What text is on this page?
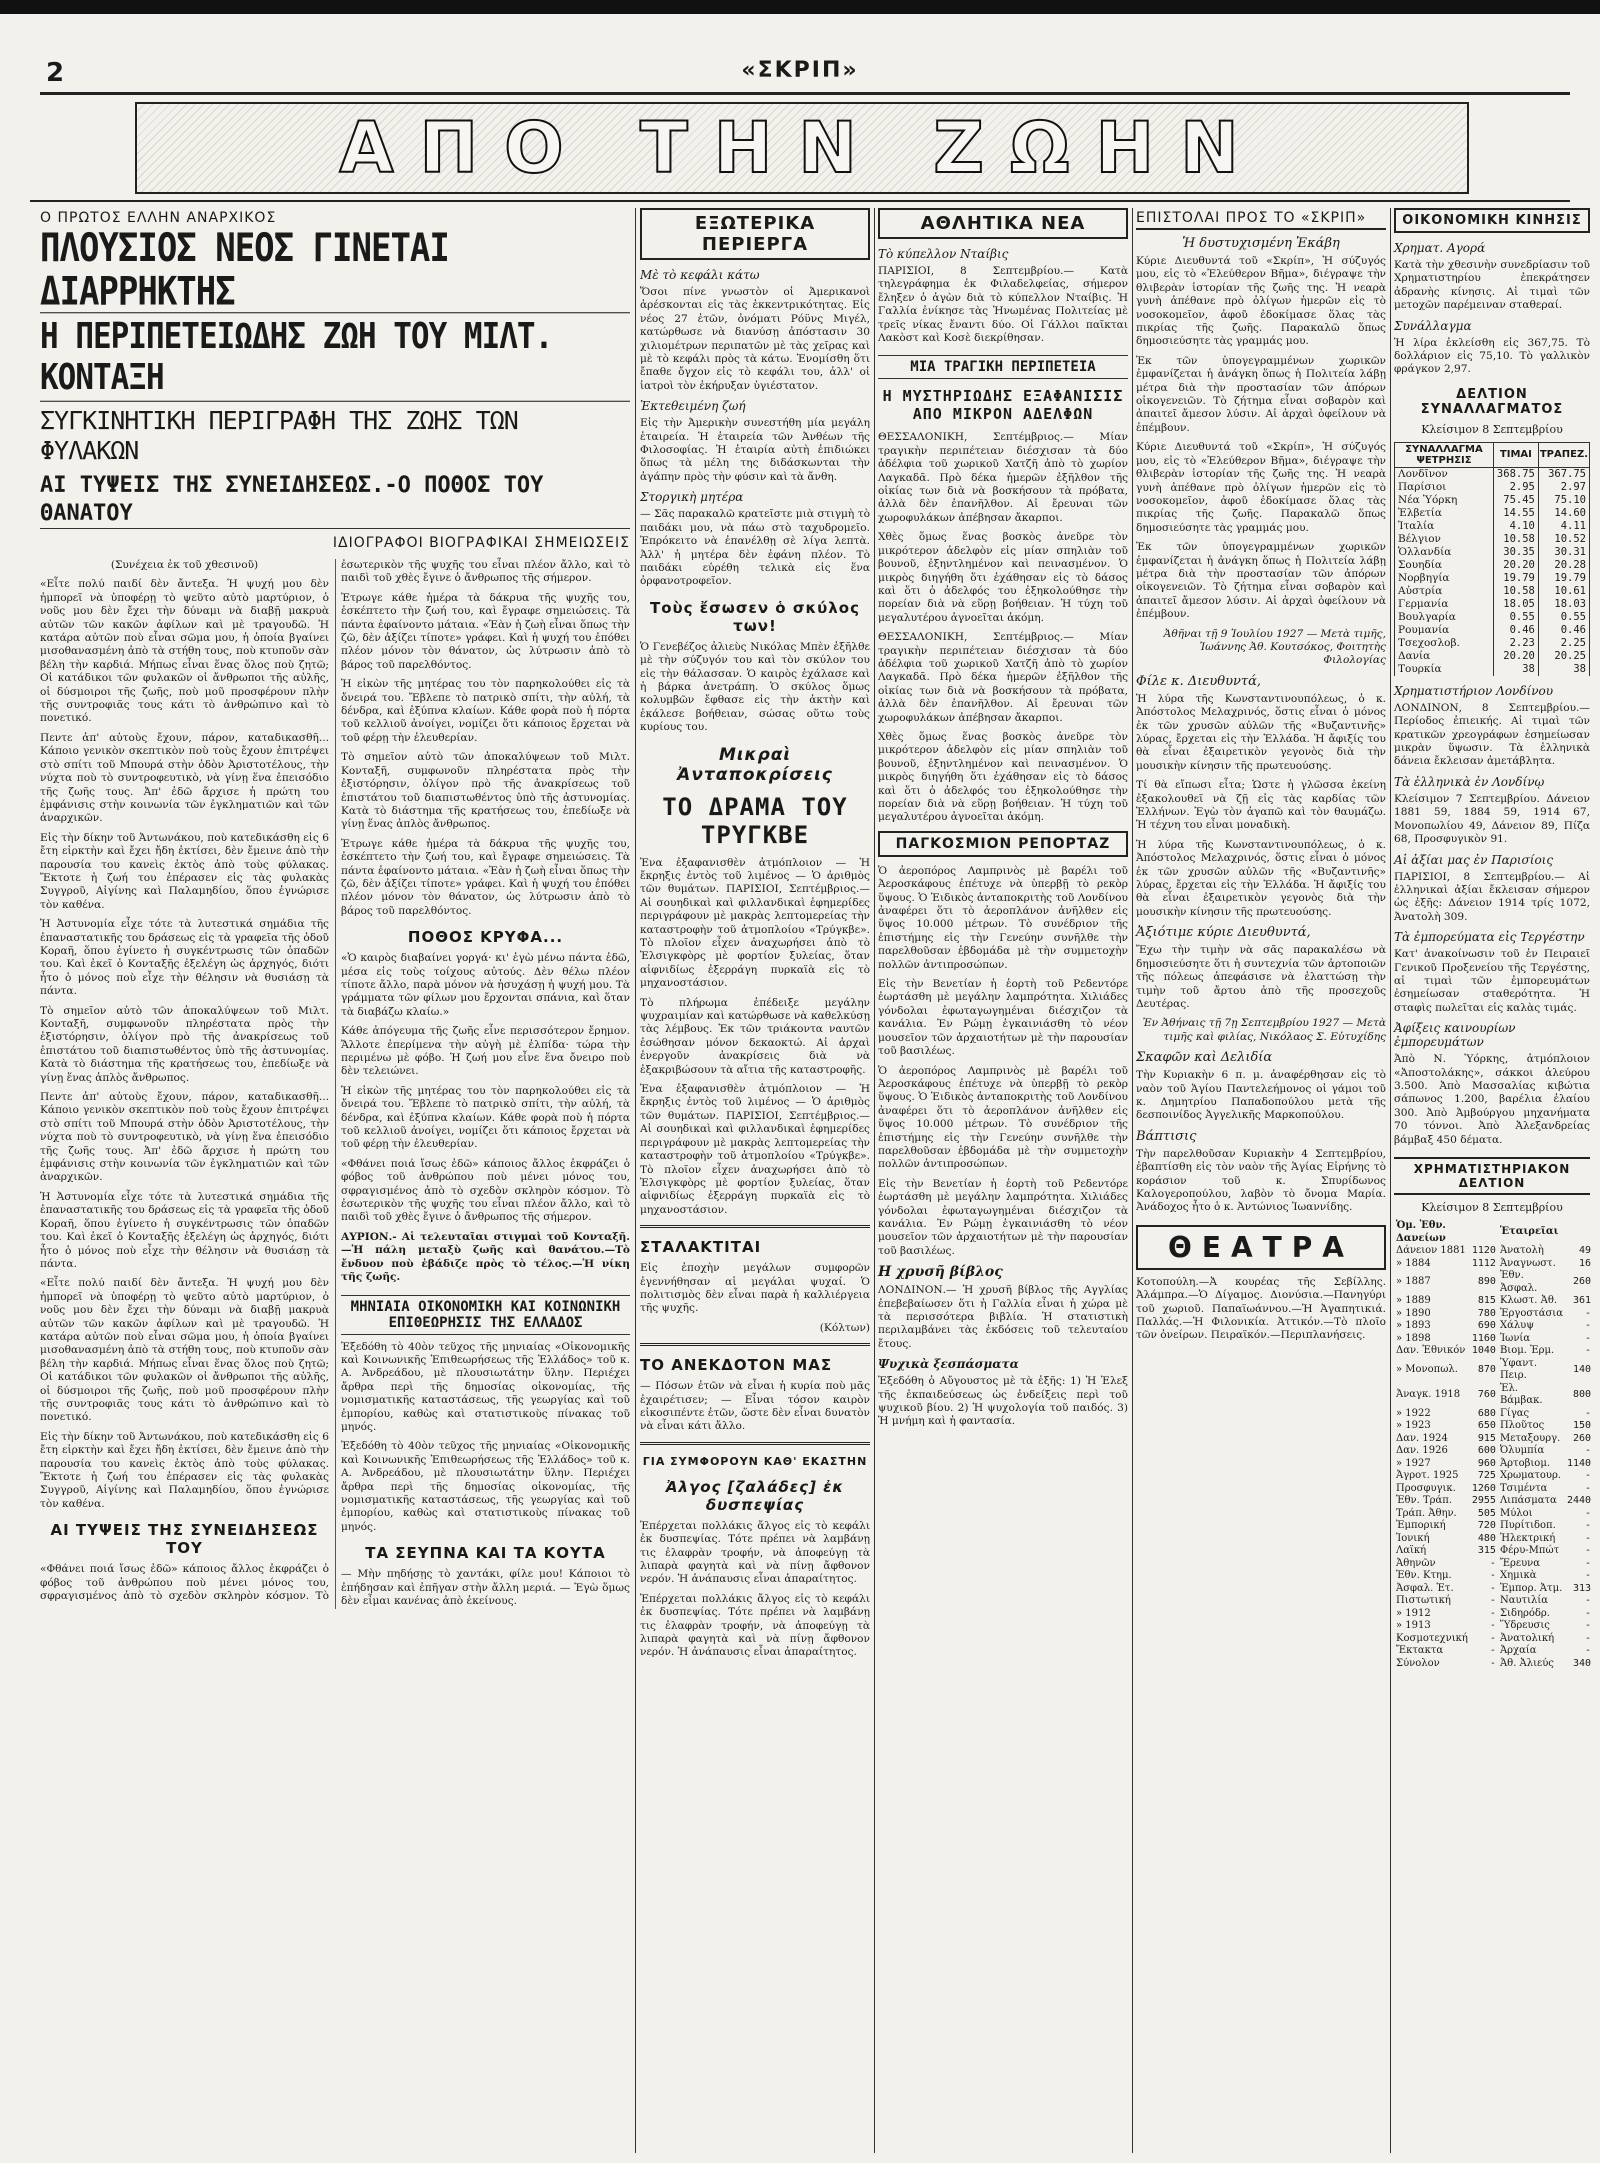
2	«ΣΚΡΙΠ»
ΑΠΟ ΤΗΝ ΖΩΗΝ
Ο ΠΡΩΤΟΣ ΕΛΛΗΝ ΑΝΑΡΧΙΚΟΣ
ΠΛΟΥΣΙΟΣ ΝΕΟΣ ΓΙΝΕΤΑΙ ΔΙΑΡΡΗΚΤΗΣ
Η ΠΕΡΙΠΕΤΕΙΩΔΗΣ ΖΩΗ ΤΟΥ ΜΙΛΤ. ΚΟΝΤΑΞΗ
ΣΥΓΚΙΝΗΤΙΚΗ ΠΕΡΙΓΡΑΦΗ ΤΗΣ ΖΩΗΣ ΤΩΝ ΦΥΛΑΚΩΝ
ΑΙ ΤΥΨΕΙΣ ΤΗΣ ΣΥΝΕΙΔΗΣΕΩΣ.-Ο ΠΟΘΟΣ ΤΟΥ ΘΑΝΑΤΟΥ
ΙΔΙΟΓΡΑΦΟΙ ΒΙΟΓΡΑΦΙΚΑΙ ΣΗΜΕΙΩΣΕΙΣ

(Συνέχεια ἐκ τοῦ χθεσινοῦ)

«Εἶτε πολύ παιδί δὲν ἄντεξα. Ἡ ψυχή μου δὲν ἠμπορεῖ νὰ ὑποφέρῃ τὸ ψεῦτο αὐτὸ μαρτύριον, ὁ νοῦς μου δὲν ἔχει τὴν δύναμι νὰ διαβῇ μακρυὰ αὐτῶν τῶν κακῶν ἀφίλων καὶ μὲ τραγουδῶ. Ἡ κατάρα αὐτῶν ποὺ εἶναι σῶμα μου, ἡ ὁποία βγαίνει μισοθανασμένη ἀπὸ τὰ στήθη τους, ποὺ κτυποῦν σὰν βέλη τὴν καρδιά. Μήπως εἶναι ἕνας ὅλος ποὺ ζητῶ; Οἱ κατάδικοι τῶν φυλακῶν οἱ ἄνθρωποι τῆς αὐλῆς, οἱ δύσμοιροι τῆς ζωῆς, ποὺ μοῦ προσφέρουν πλὴν τῆς συντροφιᾶς τους κάτι τὸ ἀνθρώπινο καὶ τὸ πονετικό.

Πεντε ἀπ' αὐτοὺς ἔχουν, πάρον, καταδικασθῆ... Κάποιο γενικὸν σκεπτικὸν ποὺ τοὺς ἔχουν ἐπιτρέψει στὸ σπίτι τοῦ Μπουρά στὴν ὁδὸν Ἀριστοτέλους, τὴν νύχτα ποὺ τὸ συντροφευτικὸ, νὰ γίνῃ ἕνα ἐπεισόδιο τῆς ζωῆς τους. Ἀπ' ἐδῶ ἄρχισε ἡ πρώτη του ἐμφάνισις στὴν κοινωνία τῶν ἐγκληματιῶν καὶ τῶν ἀναρχικῶν.

Εἰς τὴν δίκην τοῦ Ἀντωνάκου, ποὺ κατεδικάσθη εἰς 6 ἔτη εἱρκτὴν καὶ ἔχει ἤδη ἐκτίσει, δὲν ἔμεινε ἀπὸ τὴν παρουσία του κανεὶς ἐκτὸς ἀπὸ τοὺς φύλακας. Ἔκτοτε ἡ ζωή του ἐπέρασεν εἰς τὰς φυλακὰς Συγγροῦ, Αἰγίνης καὶ Παλαμηδίου, ὅπου ἐγνώρισε τὸν καθένα.

Ἡ Ἀστυνομία εἶχε τότε τὰ λυτεστικά σημάδια τῆς ἐπαναστατικῆς του δράσεως εἰς τὰ γραφεῖα τῆς ὁδοῦ Κοραῆ, ὅπου ἐγίνετο ἡ συγκέντρωσις τῶν ὀπαδῶν του. Καὶ ἐκεῖ ὁ Κονταξῆς ἐξελέγη ὡς ἀρχηγός, διότι ἦτο ὁ μόνος ποὺ εἶχε τὴν θέλησιν νὰ θυσιάσῃ τὰ πάντα.

Τὸ σημεῖον αὐτὸ τῶν ἀποκαλύψεων τοῦ Μιλτ. Κονταξῆ, συμφωνοῦν πληρέστατα πρὸς τὴν ἐξιστόρησιν, ὀλίγον πρὸ τῆς ἀνακρίσεως τοῦ ἐπιστάτου τοῦ διαπιστωθέντος ὑπὸ τῆς ἀστυνομίας. Κατὰ τὸ διάστημα τῆς κρατήσεως του, ἐπεδίωξε νὰ γίνῃ ἕνας ἁπλὸς ἄνθρωπος.

Πεντε ἀπ' αὐτοὺς ἔχουν, πάρον, καταδικασθῆ... Κάποιο γενικὸν σκεπτικὸν ποὺ τοὺς ἔχουν ἐπιτρέψει στὸ σπίτι τοῦ Μπουρά στὴν ὁδὸν Ἀριστοτέλους, τὴν νύχτα ποὺ τὸ συντροφευτικὸ, νὰ γίνῃ ἕνα ἐπεισόδιο τῆς ζωῆς τους. Ἀπ' ἐδῶ ἄρχισε ἡ πρώτη του ἐμφάνισις στὴν κοινωνία τῶν ἐγκληματιῶν καὶ τῶν ἀναρχικῶν.

Ἡ Ἀστυνομία εἶχε τότε τὰ λυτεστικά σημάδια τῆς ἐπαναστατικῆς του δράσεως εἰς τὰ γραφεῖα τῆς ὁδοῦ Κοραῆ, ὅπου ἐγίνετο ἡ συγκέντρωσις τῶν ὀπαδῶν του. Καὶ ἐκεῖ ὁ Κονταξῆς ἐξελέγη ὡς ἀρχηγός, διότι ἦτο ὁ μόνος ποὺ εἶχε τὴν θέλησιν νὰ θυσιάσῃ τὰ πάντα.

«Εἶτε πολύ παιδί δὲν ἄντεξα. Ἡ ψυχή μου δὲν ἠμπορεῖ νὰ ὑποφέρῃ τὸ ψεῦτο αὐτὸ μαρτύριον, ὁ νοῦς μου δὲν ἔχει τὴν δύναμι νὰ διαβῇ μακρυὰ αὐτῶν τῶν κακῶν ἀφίλων καὶ μὲ τραγουδῶ. Ἡ κατάρα αὐτῶν ποὺ εἶναι σῶμα μου, ἡ ὁποία βγαίνει μισοθανασμένη ἀπὸ τὰ στήθη τους, ποὺ κτυποῦν σὰν βέλη τὴν καρδιά. Μήπως εἶναι ἕνας ὅλος ποὺ ζητῶ; Οἱ κατάδικοι τῶν φυλακῶν οἱ ἄνθρωποι τῆς αὐλῆς, οἱ δύσμοιροι τῆς ζωῆς, ποὺ μοῦ προσφέρουν πλὴν τῆς συντροφιᾶς τους κάτι τὸ ἀνθρώπινο καὶ τὸ πονετικό.

Εἰς τὴν δίκην τοῦ Ἀντωνάκου, ποὺ κατεδικάσθη εἰς 6 ἔτη εἱρκτὴν καὶ ἔχει ἤδη ἐκτίσει, δὲν ἔμεινε ἀπὸ τὴν παρουσία του κανεὶς ἐκτὸς ἀπὸ τοὺς φύλακας. Ἔκτοτε ἡ ζωή του ἐπέρασεν εἰς τὰς φυλακὰς Συγγροῦ, Αἰγίνης καὶ Παλαμηδίου, ὅπου ἐγνώρισε τὸν καθένα.

ΑΙ ΤΥΨΕΙΣ ΤΗΣ ΣΥΝΕΙΔΗΣΕΩΣ ΤΟΥ

«Φθάνει ποιά ἴσως ἐδῶ» κάποιος ἄλλος ἐκφράζει ὁ φόβος τοῦ ἀνθρώπου ποὺ μένει μόνος του, σφραγισμένος ἀπὸ τὸ σχεδὸν σκληρὸν κόσμον. Τὸ ἐσωτερικὸν τῆς ψυχῆς του εἶναι πλέον ἄλλο, καὶ τὸ παιδὶ τοῦ χθὲς ἔγινε ὁ ἄνθρωπος τῆς σήμερον.

Ἐτρωγε κάθε ἡμέρα τὰ δάκρυα τῆς ψυχῆς του, ἐσκέπτετο τὴν ζωή του, καὶ ἔγραφε σημειώσεις. Τὰ πάντα ἐφαίνοντο μάταια. «Ἐὰν ἡ ζωὴ εἶναι ὅπως τὴν ζῶ, δὲν ἀξίζει τίποτε» γράφει. Καὶ ἡ ψυχή του ἐπόθει πλέον μόνον τὸν θάνατον, ὡς λύτρωσιν ἀπὸ τὸ βάρος τοῦ παρελθόντος.

Ἡ εἰκὼν τῆς μητέρας του τὸν παρηκολούθει εἰς τὰ ὄνειρά του. Ἔβλεπε τὸ πατρικὸ σπίτι, τὴν αὐλή, τὰ δένδρα, καὶ ἐξύπνα κλαίων. Κάθε φορὰ ποὺ ἡ πόρτα τοῦ κελλιοῦ ἀνοίγει, νομίζει ὅτι κάποιος ἔρχεται νὰ τοῦ φέρῃ τὴν ἐλευθερίαν.

Τὸ σημεῖον αὐτὸ τῶν ἀποκαλύψεων τοῦ Μιλτ. Κονταξῆ, συμφωνοῦν πληρέστατα πρὸς τὴν ἐξιστόρησιν, ὀλίγον πρὸ τῆς ἀνακρίσεως τοῦ ἐπιστάτου τοῦ διαπιστωθέντος ὑπὸ τῆς ἀστυνομίας. Κατὰ τὸ διάστημα τῆς κρατήσεως του, ἐπεδίωξε νὰ γίνῃ ἕνας ἁπλὸς ἄνθρωπος.

Ἐτρωγε κάθε ἡμέρα τὰ δάκρυα τῆς ψυχῆς του, ἐσκέπτετο τὴν ζωή του, καὶ ἔγραφε σημειώσεις. Τὰ πάντα ἐφαίνοντο μάταια. «Ἐὰν ἡ ζωὴ εἶναι ὅπως τὴν ζῶ, δὲν ἀξίζει τίποτε» γράφει. Καὶ ἡ ψυχή του ἐπόθει πλέον μόνον τὸν θάνατον, ὡς λύτρωσιν ἀπὸ τὸ βάρος τοῦ παρελθόντος.

ΠΟΘΟΣ ΚΡΥΦΑ...

«Ὁ καιρὸς διαβαίνει γοργά· κι' ἐγὼ μένω πάντα ἐδῶ, μέσα εἰς τοὺς τοίχους αὐτούς. Δὲν θέλω πλέον τίποτε ἄλλο, παρὰ μόνον νὰ ἡσυχάσῃ ἡ ψυχή μου. Τὰ γράμματα τῶν φίλων μου ἔρχονται σπάνια, καὶ ὅταν τὰ διαβάζω κλαίω.»

Κάθε ἀπόγευμα τῆς ζωῆς εἶνε περισσότερον ἔρημον. Ἄλλοτε ἐπερίμενα τὴν αὐγὴ μὲ ἐλπίδα· τώρα τὴν περιμένω μὲ φόβο. Ἡ ζωή μου εἶνε ἕνα ὄνειρο ποὺ δὲν τελειώνει.

Ἡ εἰκὼν τῆς μητέρας του τὸν παρηκολούθει εἰς τὰ ὄνειρά του. Ἔβλεπε τὸ πατρικὸ σπίτι, τὴν αὐλή, τὰ δένδρα, καὶ ἐξύπνα κλαίων. Κάθε φορὰ ποὺ ἡ πόρτα τοῦ κελλιοῦ ἀνοίγει, νομίζει ὅτι κάποιος ἔρχεται νὰ τοῦ φέρῃ τὴν ἐλευθερίαν.

«Φθάνει ποιά ἴσως ἐδῶ» κάποιος ἄλλος ἐκφράζει ὁ φόβος τοῦ ἀνθρώπου ποὺ μένει μόνος του, σφραγισμένος ἀπὸ τὸ σχεδὸν σκληρὸν κόσμον. Τὸ ἐσωτερικὸν τῆς ψυχῆς του εἶναι πλέον ἄλλο, καὶ τὸ παιδὶ τοῦ χθὲς ἔγινε ὁ ἄνθρωπος τῆς σήμερον.

ΑΥΡΙΟΝ.- Αἱ τελευταῖαι στιγμαὶ τοῦ Κονταξῆ.—Ἡ πάλη μεταξὺ ζωῆς καὶ θανάτου.—Τὸ ἔνδυον ποὺ ἐβάδιζε πρὸς τὸ τέλος.—Ἡ νίκη τῆς ζωῆς.

ΜΗΝΙΑΙΑ ΟΙΚΟΝΟΜΙΚΗ ΚΑΙ ΚΟΙΝΩΝΙΚΗ ΕΠΙΘΕΩΡΗΣΙΣ ΤΗΣ ΕΛΛΑΔΟΣ

Ἐξεδόθη τὸ 40ὸν τεῦχος τῆς μηνιαίας «Οἰκονομικῆς καὶ Κοινωνικῆς Ἐπιθεωρήσεως τῆς Ἑλλάδος» τοῦ κ. Α. Ἀνδρεάδου, μὲ πλουσιωτάτην ὕλην. Περιέχει ἄρθρα περὶ τῆς δημοσίας οἰκονομίας, τῆς νομισματικῆς καταστάσεως, τῆς γεωργίας καὶ τοῦ ἐμπορίου, καθὼς καὶ στατιστικοὺς πίνακας τοῦ μηνός.

Ἐξεδόθη τὸ 40ὸν τεῦχος τῆς μηνιαίας «Οἰκονομικῆς καὶ Κοινωνικῆς Ἐπιθεωρήσεως τῆς Ἑλλάδος» τοῦ κ. Α. Ἀνδρεάδου, μὲ πλουσιωτάτην ὕλην. Περιέχει ἄρθρα περὶ τῆς δημοσίας οἰκονομίας, τῆς νομισματικῆς καταστάσεως, τῆς γεωργίας καὶ τοῦ ἐμπορίου, καθὼς καὶ στατιστικοὺς πίνακας τοῦ μηνός.

ΤΑ ΣΕΥΠΝΑ ΚΑΙ ΤΑ ΚΟΥΤΑ

— Μὴν πηδήσῃς τὸ χαντάκι, φίλε μου! Κάποιοι τὸ ἐπήδησαν καὶ ἐπῆγαν στὴν ἄλλη μεριά. — Ἐγὼ ὅμως δὲν εἶμαι κανένας ἀπὸ ἐκείνους.

ΕΞΩΤΕΡΙΚΑ ΠΕΡΙΕΡΓΑ
Μὲ τὸ κεφάλι κάτω

Ὅσοι πίνε γνωστὸν οἱ Ἀμερικανοὶ ἀρέσκονται εἰς τὰς ἐκκεντρικότητας. Εἰς νέος 27 ἐτῶν, ὀνόματι Ρόϋνς Μιγέλ, κατώρθωσε νὰ διανύσῃ ἀπόστασιν 30 χιλιομέτρων περιπατῶν μὲ τὰς χεῖρας καὶ μὲ τὸ κεφάλι πρὸς τὰ κάτω. Ἐνομίσθη ὅτι ἔπαθε ὄγχον εἰς τὸ κεφάλι του, ἀλλ' οἱ ἰατροὶ τὸν ἐκήρυξαν ὑγιέστατον.

Ἐκτεθειμένη ζωή

Εἰς τὴν Ἀμερικὴν συνεστήθη μία μεγάλη ἑταιρεία. Ἡ ἑταιρεία τῶν Ἀνθέων τῆς Φιλοσοφίας. Ἡ ἑταιρία αὐτὴ ἐπιδιώκει ὅπως τὰ μέλη της διδάσκωνται τὴν ἀγάπην πρὸς τὴν φύσιν καὶ τὰ ἄνθη.

Στοργικὴ μητέρα

— Σᾶς παρακαλῶ κρατεῖστε μιὰ στιγμὴ τὸ παιδάκι μου, νὰ πάω στὸ ταχυδρομεῖο. Ἐπρόκειτο νὰ ἐπανέλθῃ σὲ λίγα λεπτὰ. Ἀλλ' ἡ μητέρα δὲν ἐφάνη πλέον. Τὸ παιδάκι εὑρέθη τελικὰ εἰς ἕνα ὀρφανοτροφεῖον.

Τοὺς ἔσωσεν ὁ σκύλος των!

Ὁ Γενεβέζος ἀλιεὺς Νικόλας Μπὲν ἐξῆλθε μὲ τὴν σύζυγόν του καὶ τὸν σκύλον του εἰς τὴν θάλασσαν. Ὁ καιρὸς ἐχάλασε καὶ ἡ βάρκα ἀνετράπη. Ὁ σκύλος ὅμως κολυμβῶν ἔφθασε εἰς τὴν ἀκτὴν καὶ ἐκάλεσε βοήθειαν, σώσας οὕτω τοὺς κυρίους του.

Μικραὶ Ἀνταποκρίσεις
ΤΟ ΔΡΑΜΑ ΤΟΥ ΤΡΥΓΚΒΕ

Ἐνα ἐξαφανισθὲν ἀτμόπλοιον — Ἡ ἔκρηξις ἐντὸς τοῦ λιμένος — Ὁ ἀριθμὸς τῶν θυμάτων. ΠΑΡΙΣΙΟΙ, Σεπτέμβριος.— Αἱ σουηδικαὶ καὶ φιλλανδικαὶ ἐφημερίδες περιγράφουν μὲ μακρὰς λεπτομερείας τὴν καταστροφὴν τοῦ ἀτμοπλοίου «Τρύγκβε». Τὸ πλοῖον εἶχεν ἀναχωρήσει ἀπὸ τὸ Ἑλσιγκφὸρς μὲ φορτίον ξυλείας, ὅταν αἰφνιδίως ἐξερράγη πυρκαϊὰ εἰς τὸ μηχανοστάσιον.

Τὸ πλήρωμα ἐπέδειξε μεγάλην ψυχραιμίαν καὶ κατώρθωσε νὰ καθελκύσῃ τὰς λέμβους. Ἐκ τῶν τριάκοντα ναυτῶν ἐσώθησαν μόνον δεκαοκτώ. Αἱ ἀρχαὶ ἐνεργοῦν ἀνακρίσεις διὰ νὰ ἐξακριβώσουν τὰ αἴτια τῆς καταστροφῆς.

Ἐνα ἐξαφανισθὲν ἀτμόπλοιον — Ἡ ἔκρηξις ἐντὸς τοῦ λιμένος — Ὁ ἀριθμὸς τῶν θυμάτων. ΠΑΡΙΣΙΟΙ, Σεπτέμβριος.— Αἱ σουηδικαὶ καὶ φιλλανδικαὶ ἐφημερίδες περιγράφουν μὲ μακρὰς λεπτομερείας τὴν καταστροφὴν τοῦ ἀτμοπλοίου «Τρύγκβε». Τὸ πλοῖον εἶχεν ἀναχωρήσει ἀπὸ τὸ Ἑλσιγκφὸρς μὲ φορτίον ξυλείας, ὅταν αἰφνιδίως ἐξερράγη πυρκαϊὰ εἰς τὸ μηχανοστάσιον.

ΣΤΑΛΑΚΤΙΤΑΙ

Εἰς ἐποχὴν μεγάλων συμφορῶν ἐγεννήθησαν αἱ μεγάλαι ψυχαί. Ὁ πολιτισμὸς δὲν εἶναι παρὰ ἡ καλλιέργεια τῆς ψυχῆς.

(Κόλτων)

ΤΟ ΑΝΕΚΔΟΤΟΝ ΜΑΣ

— Πόσων ἐτῶν νὰ εἶναι ἡ κυρία ποὺ μᾶς ἐχαιρέτισεν; — Εἶναι τόσον καιρὸν εἰκοσιπέντε ἐτῶν, ὥστε δὲν εἶναι δυνατὸν νὰ εἶναι κάτι ἄλλο.

ΓΙΑ ΣΥΜΦΟΡΟΥΝ ΚΑΘ' ΕΚΑΣΤΗΝ
Ἀλγος [ζαλάδες] ἐκ δυσπεψίας

Ἐπέρχεται πολλάκις ἄλγος εἰς τὸ κεφάλι ἐκ δυσπεψίας. Τότε πρέπει νὰ λαμβάνῃ τις ἐλαφρὰν τροφήν, νὰ ἀποφεύγῃ τὰ λιπαρὰ φαγητὰ καὶ νὰ πίνῃ ἄφθονον νερόν. Ἡ ἀνάπαυσις εἶναι ἀπαραίτητος.

Ἐπέρχεται πολλάκις ἄλγος εἰς τὸ κεφάλι ἐκ δυσπεψίας. Τότε πρέπει νὰ λαμβάνῃ τις ἐλαφρὰν τροφήν, νὰ ἀποφεύγῃ τὰ λιπαρὰ φαγητὰ καὶ νὰ πίνῃ ἄφθονον νερόν. Ἡ ἀνάπαυσις εἶναι ἀπαραίτητος.

ΑΘΛΗΤΙΚΑ ΝΕΑ
Τὸ κύπελλον Νταίβις

ΠΑΡΙΣΙΟΙ, 8 Σεπτεμβρίου.— Κατὰ τηλεγράφημα ἐκ Φιλαδελφείας, σήμερον ἔληξεν ὁ ἀγὼν διὰ τὸ κύπελλον Νταίβις. Ἡ Γαλλία ἐνίκησε τὰς Ἡνωμένας Πολιτείας μὲ τρεῖς νίκας ἔναντι δύο. Οἱ Γάλλοι παῖκται Λακὸστ καὶ Κοσὲ διεκρίθησαν.

ΜΙΑ ΤΡΑΓΙΚΗ ΠΕΡΙΠΕΤΕΙΑ
Η ΜΥΣΤΗΡΙΩΔΗΣ ΕΞΑΦΑΝΙΣΙΣ ΑΠΟ ΜΙΚΡΟΝ ΑΔΕΛΦΩΝ

ΘΕΣΣΑΛΟΝΙΚΗ, Σεπτέμβριος.— Μίαν τραγικὴν περιπέτειαν διέσχισαν τὰ δύο ἀδέλφια τοῦ χωρικοῦ Χατζῆ ἀπὸ τὸ χωρίον Λαγκαδᾶ. Πρὸ δέκα ἡμερῶν ἐξῆλθον τῆς οἰκίας των διὰ νὰ βοσκήσουν τὰ πρόβατα, ἀλλὰ δὲν ἐπανῆλθον. Αἱ ἔρευναι τῶν χωροφυλάκων ἀπέβησαν ἄκαρποι.

Χθὲς ὅμως ἕνας βοσκὸς ἀνεῦρε τὸν μικρότερον ἀδελφὸν εἰς μίαν σπηλιὰν τοῦ βουνοῦ, ἐξηντλημένον καὶ πεινασμένον. Ὁ μικρὸς διηγήθη ὅτι ἐχάθησαν εἰς τὸ δάσος καὶ ὅτι ὁ ἀδελφός του ἐξηκολούθησε τὴν πορείαν διὰ νὰ εὕρῃ βοήθειαν. Ἡ τύχη τοῦ μεγαλυτέρου ἀγνοεῖται ἀκόμη.

ΘΕΣΣΑΛΟΝΙΚΗ, Σεπτέμβριος.— Μίαν τραγικὴν περιπέτειαν διέσχισαν τὰ δύο ἀδέλφια τοῦ χωρικοῦ Χατζῆ ἀπὸ τὸ χωρίον Λαγκαδᾶ. Πρὸ δέκα ἡμερῶν ἐξῆλθον τῆς οἰκίας των διὰ νὰ βοσκήσουν τὰ πρόβατα, ἀλλὰ δὲν ἐπανῆλθον. Αἱ ἔρευναι τῶν χωροφυλάκων ἀπέβησαν ἄκαρποι.

Χθὲς ὅμως ἕνας βοσκὸς ἀνεῦρε τὸν μικρότερον ἀδελφὸν εἰς μίαν σπηλιὰν τοῦ βουνοῦ, ἐξηντλημένον καὶ πεινασμένον. Ὁ μικρὸς διηγήθη ὅτι ἐχάθησαν εἰς τὸ δάσος καὶ ὅτι ὁ ἀδελφός του ἐξηκολούθησε τὴν πορείαν διὰ νὰ εὕρῃ βοήθειαν. Ἡ τύχη τοῦ μεγαλυτέρου ἀγνοεῖται ἀκόμη.

ΠΑΓΚΟΣΜΙΟΝ ΡΕΠΟΡΤΑΖ

Ὁ ἀεροπόρος Λαμπρινὸς μὲ βαρέλι τοῦ Ἀεροσκάφους ἐπέτυχε νὰ ὑπερβῇ τὸ ρεκὸρ ὕψους. Ὁ Ἐιδικὸς ἀνταποκριτὴς τοῦ Λονδίνου ἀναφέρει ὅτι τὸ ἀεροπλάνον ἀνῆλθεν εἰς ὕψος 10.000 μέτρων. Τὸ συνέδριον τῆς ἐπιστήμης εἰς τὴν Γενεύην συνῆλθε τὴν παρελθοῦσαν ἑβδομάδα μὲ τὴν συμμετοχὴν πολλῶν ἀντιπροσώπων.

Εἰς τὴν Βενετίαν ἡ ἑορτὴ τοῦ Ρεδεντόρε ἐωρτάσθη μὲ μεγάλην λαμπρότητα. Χιλιάδες γόνδολαι ἐφωταγωγημέναι διέσχιζον τὰ κανάλια. Ἐν Ρώμῃ ἐγκαινιάσθη τὸ νέον μουσεῖον τῶν ἀρχαιοτήτων μὲ τὴν παρουσίαν τοῦ βασιλέως.

Ὁ ἀεροπόρος Λαμπρινὸς μὲ βαρέλι τοῦ Ἀεροσκάφους ἐπέτυχε νὰ ὑπερβῇ τὸ ρεκὸρ ὕψους. Ὁ Ἐιδικὸς ἀνταποκριτὴς τοῦ Λονδίνου ἀναφέρει ὅτι τὸ ἀεροπλάνον ἀνῆλθεν εἰς ὕψος 10.000 μέτρων. Τὸ συνέδριον τῆς ἐπιστήμης εἰς τὴν Γενεύην συνῆλθε τὴν παρελθοῦσαν ἑβδομάδα μὲ τὴν συμμετοχὴν πολλῶν ἀντιπροσώπων.

Εἰς τὴν Βενετίαν ἡ ἑορτὴ τοῦ Ρεδεντόρε ἐωρτάσθη μὲ μεγάλην λαμπρότητα. Χιλιάδες γόνδολαι ἐφωταγωγημέναι διέσχιζον τὰ κανάλια. Ἐν Ρώμῃ ἐγκαινιάσθη τὸ νέον μουσεῖον τῶν ἀρχαιοτήτων μὲ τὴν παρουσίαν τοῦ βασιλέως.

Η χρυσῆ βίβλος

ΛΟΝΔΙΝΟΝ.— Ἡ χρυσῆ βίβλος τῆς Αγγλίας ἐπεβεβαίωσεν ὅτι ἡ Γαλλία εἶναι ἡ χώρα μὲ τὰ περισσότερα βιβλία. Ἡ στατιστικὴ περιλαμβάνει τὰς ἐκδόσεις τοῦ τελευταίου ἔτους.

Ψυχικὰ ξεσπάσματα

Ἐξεδόθη ὁ Αὔγουστος μὲ τὰ ἑξῆς: 1) Ἡ Ἐλεξ τῆς ἐκπαιδεύσεως ὡς ἐνδείξεις περὶ τοῦ ψυχικοῦ βίου. 2) Ἡ ψυχολογία τοῦ παιδός. 3) Ἡ μνήμη καὶ ἡ φαντασία.

ΕΠΙΣΤΟΛΑΙ ΠΡΟΣ ΤΟ «ΣΚΡΙΠ»
Ἡ δυστυχισμένη Ἐκάβη

Κύριε Διευθυντά τοῦ «Σκρίπ», Ἡ σύζυγός μου, εἰς τὸ «Ἐλεύθερον Βῆμα», διέγραψε τὴν θλιβερὰν ἱστορίαν τῆς ζωῆς της. Ἡ νεαρὰ γυνὴ ἀπέθανε πρὸ ὀλίγων ἡμερῶν εἰς τὸ νοσοκομεῖον, ἀφοῦ ἐδοκίμασε ὅλας τὰς πικρίας τῆς ζωῆς. Παρακαλῶ ὅπως δημοσιεύσητε τὰς γραμμάς μου.

Ἐκ τῶν ὑπογεγραμμένων χωρικῶν ἐμφανίζεται ἡ ἀνάγκη ὅπως ἡ Πολιτεία λάβῃ μέτρα διὰ τὴν προστασίαν τῶν ἀπόρων οἰκογενειῶν. Τὸ ζήτημα εἶναι σοβαρὸν καὶ ἀπαιτεῖ ἄμεσον λύσιν. Αἱ ἀρχαὶ ὀφείλουν νὰ ἐπέμβουν.

Κύριε Διευθυντά τοῦ «Σκρίπ», Ἡ σύζυγός μου, εἰς τὸ «Ἐλεύθερον Βῆμα», διέγραψε τὴν θλιβερὰν ἱστορίαν τῆς ζωῆς της. Ἡ νεαρὰ γυνὴ ἀπέθανε πρὸ ὀλίγων ἡμερῶν εἰς τὸ νοσοκομεῖον, ἀφοῦ ἐδοκίμασε ὅλας τὰς πικρίας τῆς ζωῆς. Παρακαλῶ ὅπως δημοσιεύσητε τὰς γραμμάς μου.

Ἐκ τῶν ὑπογεγραμμένων χωρικῶν ἐμφανίζεται ἡ ἀνάγκη ὅπως ἡ Πολιτεία λάβῃ μέτρα διὰ τὴν προστασίαν τῶν ἀπόρων οἰκογενειῶν. Τὸ ζήτημα εἶναι σοβαρὸν καὶ ἀπαιτεῖ ἄμεσον λύσιν. Αἱ ἀρχαὶ ὀφείλουν νὰ ἐπέμβουν.

Ἀθῆναι τῇ 9 Ἰουλίου 1927 — Μετὰ τιμῆς, Ἰωάννης Ἀθ. Κουτσόκος, Φοιτητὴς Φιλολογίας

Φίλε κ. Διευθυντά,

Ἡ λύρα τῆς Κωνσταντινουπόλεως, ὁ κ. Ἀπόστολος Μελαχρινός, ὅστις εἶναι ὁ μόνος ἐκ τῶν χρυσῶν αὐλῶν τῆς «Βυζαντινῆς» λύρας, ἔρχεται εἰς τὴν Ἑλλάδα. Ἡ ἄφιξίς του θὰ εἶναι ἐξαιρετικὸν γεγονὸς διὰ τὴν μουσικὴν κίνησιν τῆς πρωτευούσης.

Τί θὰ εἴπωσι εἶτα; Ὡστε ἡ γλῶσσα ἐκείνη ἐξακολουθεῖ νὰ ζῇ εἰς τὰς καρδίας τῶν Ἑλλήνων. Ἐγὼ τὸν ἀγαπῶ καὶ τὸν θαυμάζω. Ἡ τέχνη του εἶναι μοναδικὴ.

Ἡ λύρα τῆς Κωνσταντινουπόλεως, ὁ κ. Ἀπόστολος Μελαχρινός, ὅστις εἶναι ὁ μόνος ἐκ τῶν χρυσῶν αὐλῶν τῆς «Βυζαντινῆς» λύρας, ἔρχεται εἰς τὴν Ἑλλάδα. Ἡ ἄφιξίς του θὰ εἶναι ἐξαιρετικὸν γεγονὸς διὰ τὴν μουσικὴν κίνησιν τῆς πρωτευούσης.

Ἀξιότιμε κύριε Διευθυντά,

Ἔχω τὴν τιμὴν νὰ σᾶς παρακαλέσω νὰ δημοσιεύσητε ὅτι ἡ συντεχνία τῶν ἀρτοποιῶν τῆς πόλεως ἀπεφάσισε νὰ ἐλαττώσῃ τὴν τιμὴν τοῦ ἄρτου ἀπὸ τῆς προσεχοῦς Δευτέρας.

Ἐν Ἀθήναις τῇ 7ῃ Σεπτεμβρίου 1927 — Μετὰ τιμῆς καὶ φιλίας, Νικόλαος Σ. Εὐτυχίδης

Σκαφῶν καὶ Δελιδία

Τὴν Κυριακὴν 6 π. μ. ἀναφέρθησαν εἰς τὸ ναὸν τοῦ Ἁγίου Παντελεήμονος οἱ γάμοι τοῦ κ. Δημητρίου Παπαδοπούλου μετὰ τῆς δεσποινίδος Ἀγγελικῆς Μαρκοπούλου.

Βάπτισις

Τὴν παρελθοῦσαν Κυριακὴν 4 Σεπτεμβρίου, ἐβαπτίσθη εἰς τὸν ναὸν τῆς Ἁγίας Εἰρήνης τὸ κοράσιον τοῦ κ. Σπυρίδωνος Καλογεροπούλου, λαβὸν τὸ ὄνομα Μαρία. Ἀνάδοχος ἦτο ὁ κ. Ἀντώνιος Ἰωαννίδης.

ΘΕΑΤΡΑ

Κοτοπούλη.—Ἀ κουρέας τῆς Σεβίλλης. Ἀλάμπρα.—Ὁ Δίγαμος. Διονύσια.—Πανηγύρι τοῦ χωριοῦ. Παπαϊωάννου.—Ἡ Ἀγαπητικιά. Παλλάς.—Ἡ Φιλονικία. Ἀττικόν.—Τὸ πλοῖο τῶν ὀνείρων. Πειραϊκόν.—Περιπλανήσεις.

ΟΙΚΟΝΟΜΙΚΗ ΚΙΝΗΣΙΣ
Χρηματ. Αγορά

Κατὰ τὴν χθεσινὴν συνεδρίασιν τοῦ Χρηματιστηρίου ἐπεκράτησεν ἀδρανὴς κίνησις. Αἱ τιμαὶ τῶν μετοχῶν παρέμειναν σταθεραί.

Συνάλλαγμα

Ἡ λίρα ἐκλείσθη εἰς 367,75. Τὸ δολλάριον εἰς 75,10. Τὸ γαλλικὸν φράγκον 2,97.

ΔΕΛΤΙΟΝ ΣΥΝΑΛΛΑΓΜΑΤΟΣ
Κλείσιμον 8 Σεπτεμβρίου
ΣΥΝΑΛΛΑΓΜΑ ΨΕΤΡΗΣΙΣ	ΤΙΜΑΙ	ΤΡΑΠΕΖ.
Λονδῖνον	368.75	367.75
Παρίσιοι	2.95	2.97
Νέα Ὑόρκη	75.45	75.10
Ἑλβετία	14.55	14.60
Ἰταλία	4.10	4.11
Βέλγιον	10.58	10.52
Ὁλλανδία	30.35	30.31
Σουηδία	20.20	20.28
Νορβηγία	19.79	19.79
Αὐστρία	10.58	10.61
Γερμανία	18.05	18.03
Βουλγαρία	0.55	0.55
Ρουμανία	0.46	0.46
Τσεχοσλοβ.	2.23	2.25
Δανία	20.20	20.25
Τουρκία	38	38
Χρηματιστήριον Λονδίνου

ΛΟΝΔΙΝΟΝ, 8 Σεπτεμβρίου.— Περίοδος ἐπιεικής. Αἱ τιμαὶ τῶν κρατικῶν χρεογράφων ἐσημείωσαν μικρὰν ὕψωσιν. Τὰ ἑλληνικὰ δάνεια ἔκλεισαν ἀμετάβλητα.

Τὰ ἑλληνικὰ ἐν Λονδίνῳ

Κλείσιμον 7 Σεπτεμβρίου. Δάνειον 1881 59, 1884 59, 1914 67, Μονοπωλίου 49, Δάνειον 89, Πίζα 68, Προσφυγικὸν 91.

Αἱ ἀξίαι μας ἐν Παρισίοις

ΠΑΡΙΣΙΟΙ, 8 Σεπτεμβρίου.— Αἱ ἑλληνικαὶ ἀξίαι ἔκλεισαν σήμερον ὡς ἑξῆς: Δάνειον 1914 τρίς 1072, Ἀνατολὴ 309.

Τὰ ἐμπορεύματα εἰς Τεργέστην

Κατ' ἀνακοίνωσιν τοῦ ἐν Πειραιεῖ Γενικοῦ Προξενείου τῆς Τεργέστης, αἱ τιμαὶ τῶν ἐμπορευμάτων ἐσημείωσαν σταθερότητα. Ἡ σταφὶς πωλεῖται εἰς καλὰς τιμάς.

Ἀφίξεις καινουρίων ἐμπορευμάτων

Ἀπὸ Ν. Ὑόρκης, ἀτμόπλοιον «Ἀποστολάκης», σάκκοι ἀλεύρου 3.500. Ἀπὸ Μασσαλίας κιβώτια σάπωνος 1.200, βαρέλια ἐλαίου 300. Ἀπὸ Ἀμβούργου μηχανήματα 70 τόννοι. Ἀπὸ Ἀλεξανδρείας βάμβαξ 450 δέματα.

ΧΡΗΜΑΤΙΣΤΗΡΙΑΚΟΝ ΔΕΛΤΙΟΝ
Κλείσιμον 8 Σεπτεμβρίου
Ὁμ. Ἐθν. Δανείων		Ἑταιρεῖαι	
Δάνειον 1881	1120	Ἀνατολὴ	49
» 1884	1112	Ἀναγνωστ.	16
» 1887	890	Ἐθν. Ἀσφαλ.	260
» 1889	815	Κλωστ. Ἀθ.	361
» 1890	780	Ἐργοστάσια	-
» 1893	690	Χάλυψ	-
» 1898	1160	Ἰωνία	-
Δαν. Ἐθνικόν	1040	Βιομ. Ἐρμ.	-
» Μονοπωλ.	870	Ὑφαντ. Πειρ.	140
Ἀναγκ. 1918	760	Ἐλ. Βάμβακ.	800
» 1922	680	Γίγας	-
» 1923	650	Πλοῦτος	150
Δαν. 1924	915	Μεταξουργ.	260
Δαν. 1926	600	Ὀλυμπία	-
» 1927	960	Ἀρτοβιομ.	1140
Ἀγροτ. 1925	725	Χρωματουρ.	-
Προσφυγικ.	1260	Τσιμέντα	-
Ἐθν. Τράπ.	2955	Λιπάσματα	2440
Τράπ. Ἀθην.	505	Μύλοι	-
Ἐμπορική	720	Πυρίτιδοπ.	-
Ἰονική	480	Ἠλεκτρική	-
Λαϊκή	315	Φέρυ-Μπώτ	-
Ἀθηνῶν	-	Ἔρευνα	-
Ἐθν. Κτημ.	-	Χημικὰ	-
Ἀσφαλ. Ἑτ.	-	Ἐμπορ. Ἀτμ.	313
Πιστωτική	-	Ναυτιλία	-
» 1912	-	Σιδηρόδρ.	-
» 1913	-	Ὕδρευσις	-
Κοσμοτεχνική	-	Ἀνατολική	-
Ἔκτακτα	-	Ἀρχαία	-
Σύνολον	-	Ἀθ. Ἀλιεύς	340
